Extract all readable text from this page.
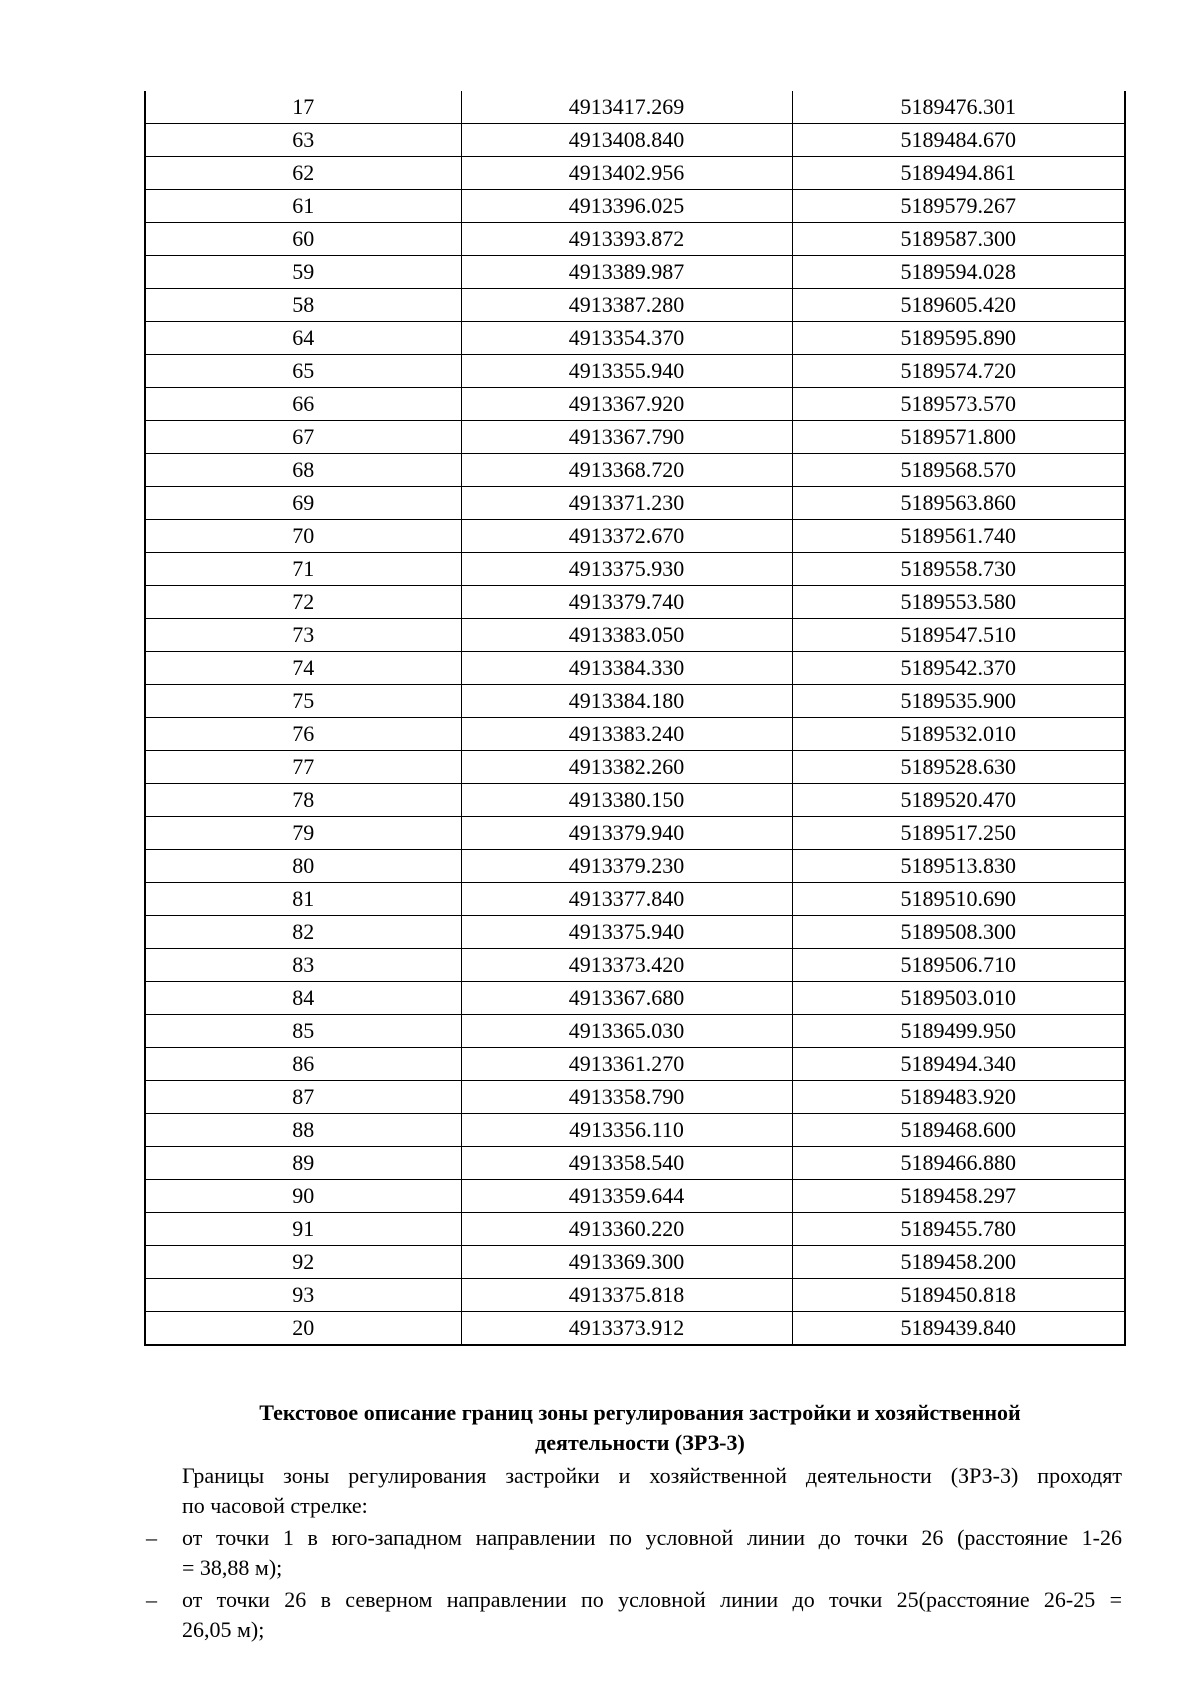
17	4913417.269	5189476.301
63	4913408.840	5189484.670
62	4913402.956	5189494.861
61	4913396.025	5189579.267
60	4913393.872	5189587.300
59	4913389.987	5189594.028
58	4913387.280	5189605.420
64	4913354.370	5189595.890
65	4913355.940	5189574.720
66	4913367.920	5189573.570
67	4913367.790	5189571.800
68	4913368.720	5189568.570
69	4913371.230	5189563.860
70	4913372.670	5189561.740
71	4913375.930	5189558.730
72	4913379.740	5189553.580
73	4913383.050	5189547.510
74	4913384.330	5189542.370
75	4913384.180	5189535.900
76	4913383.240	5189532.010
77	4913382.260	5189528.630
78	4913380.150	5189520.470
79	4913379.940	5189517.250
80	4913379.230	5189513.830
81	4913377.840	5189510.690
82	4913375.940	5189508.300
83	4913373.420	5189506.710
84	4913367.680	5189503.010
85	4913365.030	5189499.950
86	4913361.270	5189494.340
87	4913358.790	5189483.920
88	4913356.110	5189468.600
89	4913358.540	5189466.880
90	4913359.644	5189458.297
91	4913360.220	5189455.780
92	4913369.300	5189458.200
93	4913375.818	5189450.818
20	4913373.912	5189439.840
Текстовое описание границ зоны регулирования застройки и хозяйственной
деятельности (ЗРЗ-3)
Границы зоны регулирования застройки и хозяйственной деятельности (ЗРЗ-3) проходят
по часовой стрелке:
– от точки 1 в юго-западном направлении по условной линии до точки 26 (расстояние 1-26
= 38,88 м);
– от точки 26 в северном направлении по условной линии до точки 25(расстояние 26-25 =
26,05 м);
